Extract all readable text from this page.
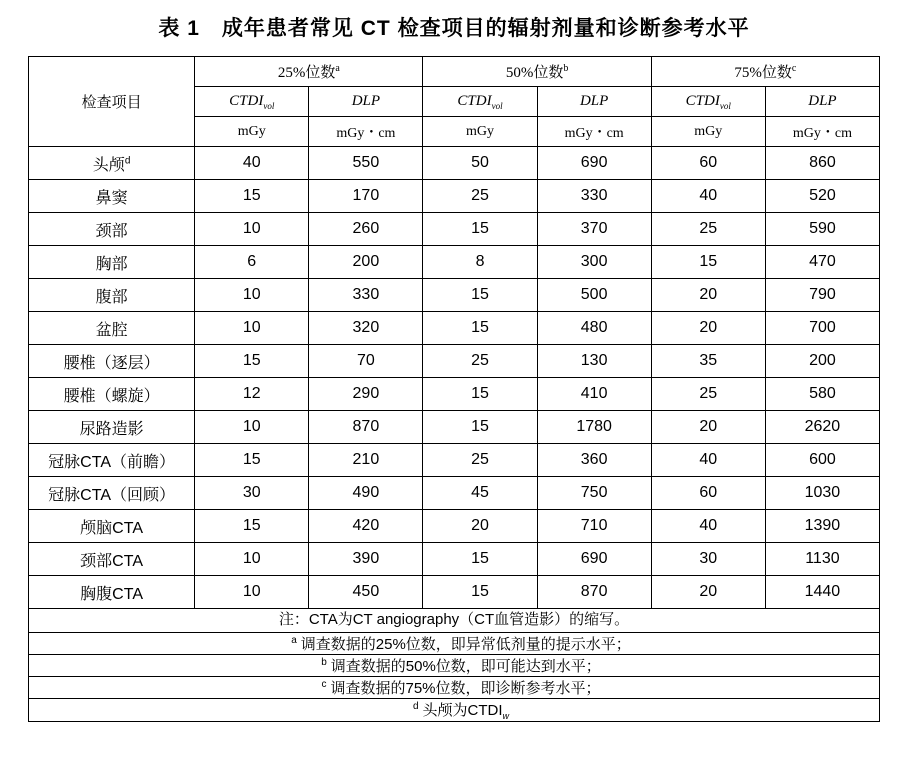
表 1　成年患者常见 CT 检查项目的辐射剂量和诊断参考水平
检查项目	25%位数$^a$		50%位数$^b$		75%位数$^c$
	$CTDI_{vol}$	DLP	$CTDI_{vol}$	DLP	$CTDI_{vol}$	DLP
	mGy	mGy・cm	mGy	mGy・cm	mGy	mGy・cm
头颅$^d$	40	550	50	690	60	860
鼻窦	15	170	25	330	40	520
颈部	10	260	15	370	25	590
胸部	6	200	8	300	15	470
腹部	10	330	15	500	20	790
盆腔	10	320	15	480	20	700
腰椎（逐层）	15	70	25	130	35	200
腰椎（螺旋）	12	290	15	410	25	580
尿路造影	10	870	15	1780	20	2620
冠脉CTA（前瞻）	15	210	25	360	40	600
冠脉CTA（回顾）	30	490	45	750	60	1030
颅脑CTA	15	420	20	710	40	1390
颈部CTA	10	390	15	690	30	1130
胸腹CTA	10	450	15	870	20	1440
注：CTA为CT angiography（CT血管造影）的缩写。						
$^a$ 调查数据的25%位数，即异常低剂量的提示水平；						
$^b$ 调查数据的50%位数，即可能达到水平；						
$^c$ 调查数据的75%位数，即诊断参考水平；						
$^d$ 头颅为$CTDI_w$
